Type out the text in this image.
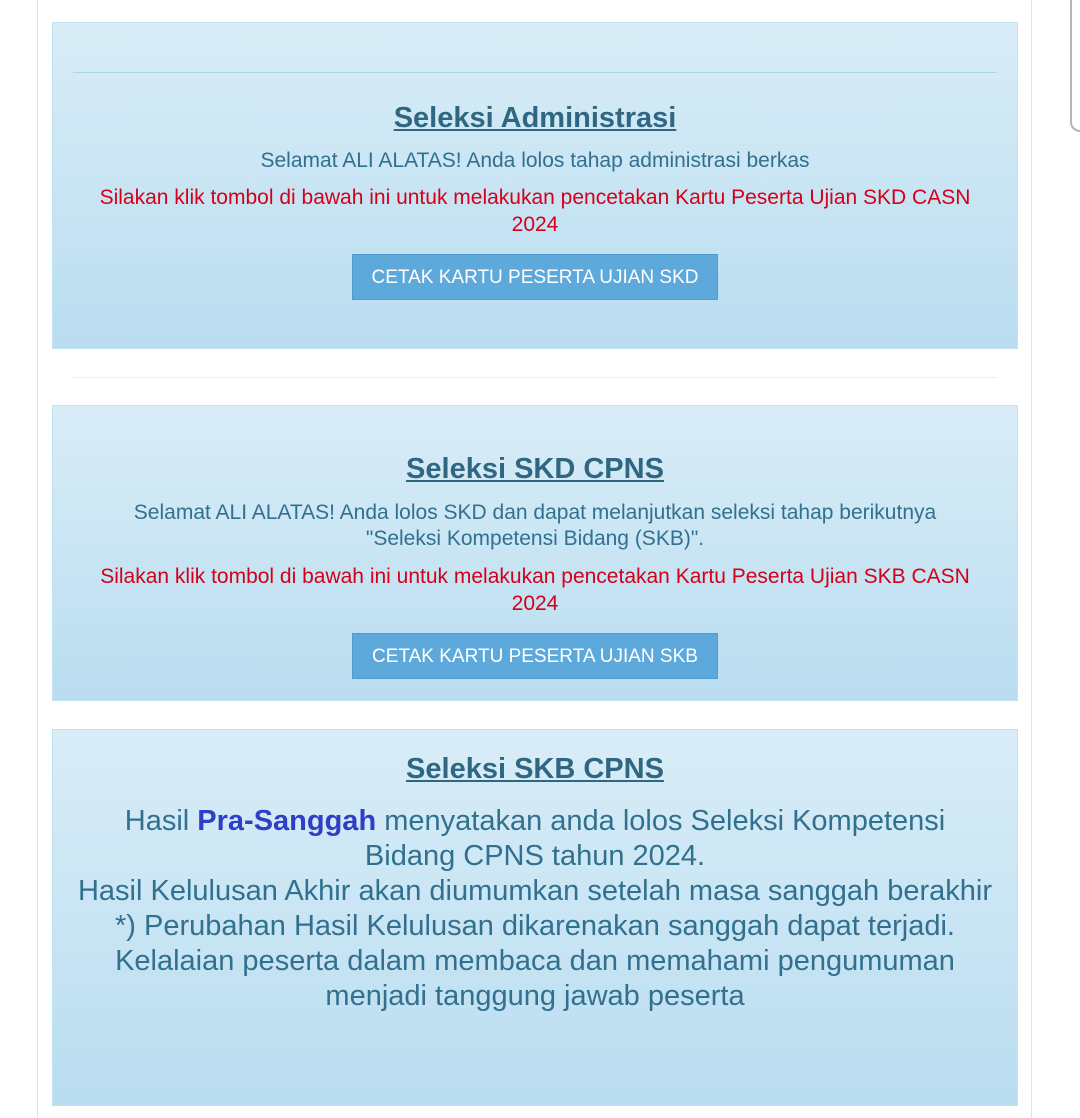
Seleksi Administrasi
Selamat ALI ALATAS! Anda lolos tahap administrasi berkas
Silakan klik tombol di bawah ini untuk melakukan pencetakan Kartu Peserta Ujian SKD CASN 2024
CETAK KARTU PESERTA UJIAN SKD
Seleksi SKD CPNS
Selamat ALI ALATAS! Anda lolos SKD dan dapat melanjutkan seleksi tahap berikutnya "Seleksi Kompetensi Bidang (SKB)".
Silakan klik tombol di bawah ini untuk melakukan pencetakan Kartu Peserta Ujian SKB CASN 2024
CETAK KARTU PESERTA UJIAN SKB
Seleksi SKB CPNS
Hasil Pra-Sanggah menyatakan anda lolos Seleksi Kompetensi Bidang CPNS tahun 2024.
Hasil Kelulusan Akhir akan diumumkan setelah masa sanggah berakhir
*) Perubahan Hasil Kelulusan dikarenakan sanggah dapat terjadi.
Kelalaian peserta dalam membaca dan memahami pengumuman menjadi tanggung jawab peserta
